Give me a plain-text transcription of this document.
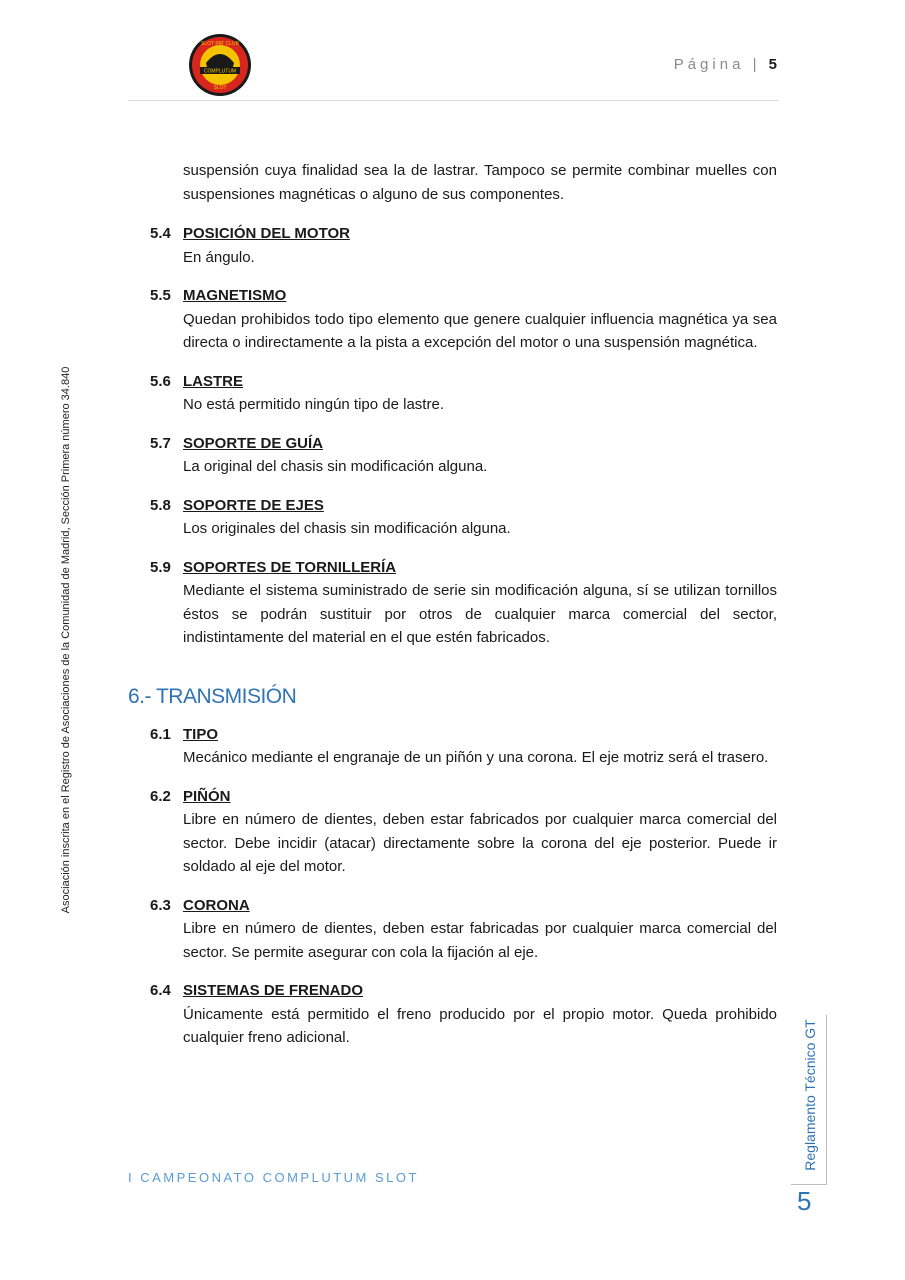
SLOT PAT CLUB
COMPLUTUM
SLOT
Página | 5
Asociación inscrita en el Registro de Asociaciones de la Comunidad de Madrid, Sección Primera número 34.840

suspensión cuya finalidad sea la de lastrar. Tampoco se permite combinar muelles con suspensiones magnéticas o alguno de sus componentes.

5.4 POSICIÓN DEL MOTOR
En ángulo.
5.5 MAGNETISMO
Quedan prohibidos todo tipo elemento que genere cualquier influencia magnética ya sea directa o indirectamente a la pista a excepción del motor o una suspensión magnética.
5.6 LASTRE
No está permitido ningún tipo de lastre.
5.7 SOPORTE DE GUÍA
La original del chasis sin modificación alguna.
5.8 SOPORTE DE EJES
Los originales del chasis sin modificación alguna.
5.9 SOPORTES DE TORNILLERÍA
Mediante el sistema suministrado de serie sin modificación alguna, sí se utilizan tornillos éstos se podrán sustituir por otros de cualquier marca comercial del sector, indistintamente del material en el que estén fabricados.
6.- TRANSMISIÓN
6.1 TIPO
Mecánico mediante el engranaje de un piñón y una corona. El eje motriz será el trasero.
6.2 PIÑÓN
Libre en número de dientes, deben estar fabricados por cualquier marca comercial del sector. Debe incidir (atacar) directamente sobre la corona del eje posterior. Puede ir soldado al eje del motor.
6.3 CORONA
Libre en número de dientes, deben estar fabricadas por cualquier marca comercial del sector. Se permite asegurar con cola la fijación al eje.
6.4 SISTEMAS DE FRENADO
Únicamente está permitido el freno producido por el propio motor. Queda prohibido cualquier freno adicional.
I CAMPEONATO COMPLUTUM SLOT
Reglamento Técnico GT
5
